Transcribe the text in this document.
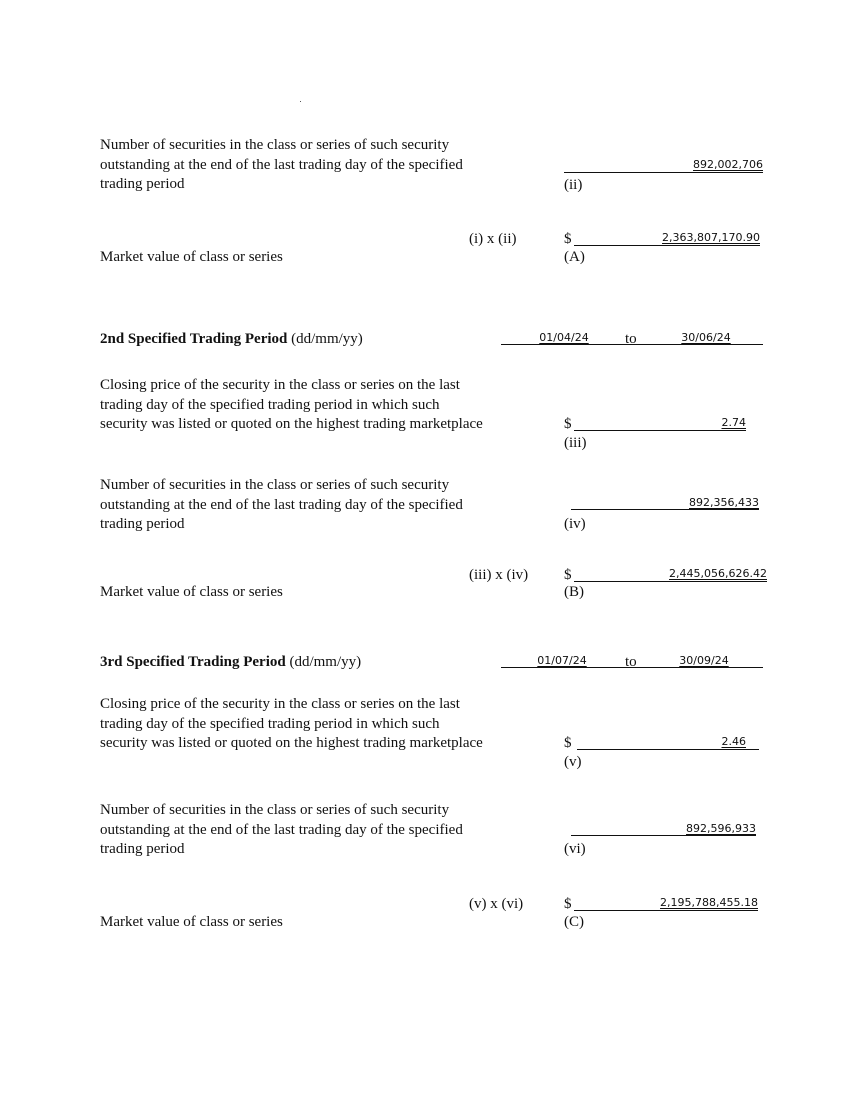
Number of securities in the class or series of such security outstanding at the end of the last trading day of the specified trading period
892,002,706
(ii)
(i) x (ii)	$	2,363,807,170.90
(A)
Market value of class or series
2nd Specified Trading Period (dd/mm/yy)	01/04/24	to	30/06/24
Closing price of the security in the class or series on the last trading day of the specified trading period in which such security was listed or quoted on the highest trading marketplace	$	2.74
(iii)
Number of securities in the class or series of such security outstanding at the end of the last trading day of the specified trading period
892,356,433
(iv)
(iii) x (iv) $	2,445,056,626.42
(B)
Market value of class or series
3rd Specified Trading Period (dd/mm/yy)	01/07/24	to	30/09/24
Closing price of the security in the class or series on the last trading day of the specified trading period in which such security was listed or quoted on the highest trading marketplace	$	2.46
(v)
Number of securities in the class or series of such security outstanding at the end of the last trading day of the specified trading period
892,596,933
(vi)
(v) x (vi)	$	2,195,788,455.18
(C)
Market value of class or series
